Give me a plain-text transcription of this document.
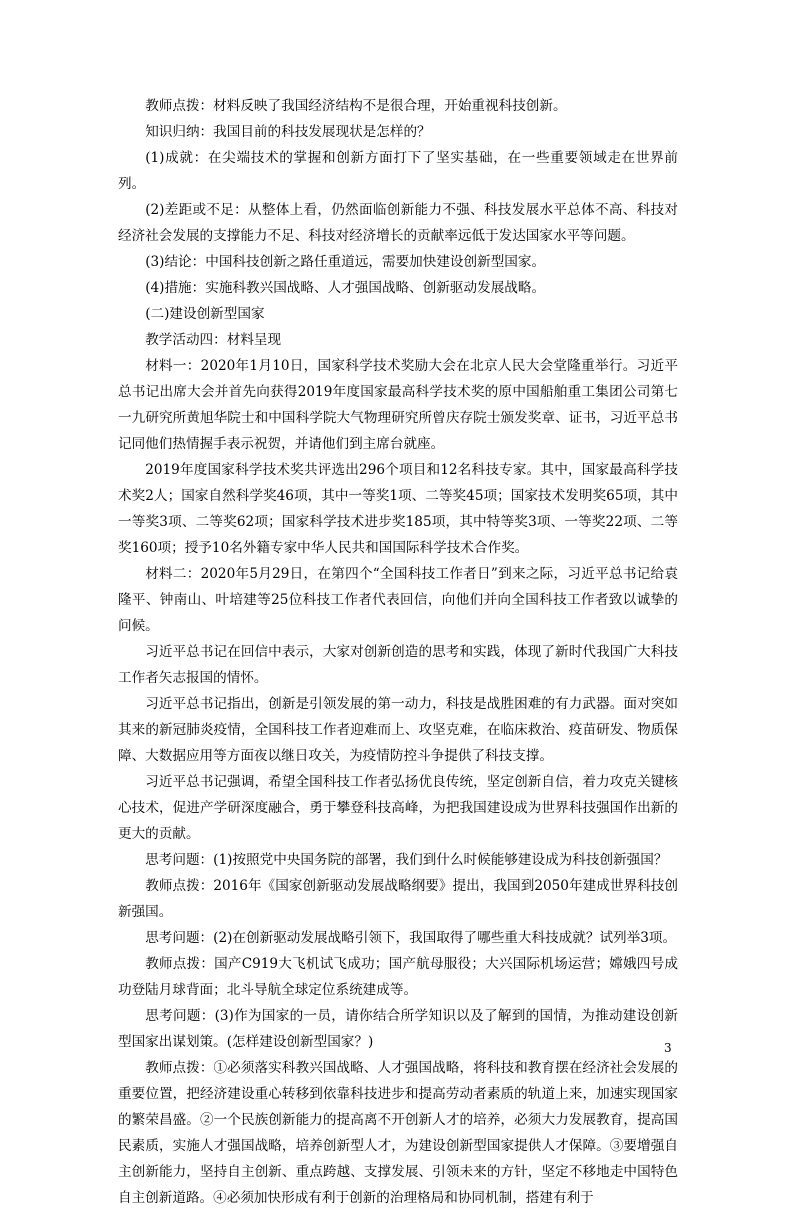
教师点拨：材料反映了我国经济结构不是很合理，开始重视科技创新。

知识归纳：我国目前的科技发展现状是怎样的？

(1)成就：在尖端技术的掌握和创新方面打下了坚实基础，在一些重要领域走在世界前列。

(2)差距或不足：从整体上看，仍然面临创新能力不强、科技发展水平总体不高、科技对经济社会发展的支撑能力不足、科技对经济增长的贡献率远低于发达国家水平等问题。

(3)结论：中国科技创新之路任重道远，需要加快建设创新型国家。

(4)措施：实施科教兴国战略、人才强国战略、创新驱动发展战略。

(二)建设创新型国家

教学活动四：材料呈现

材料一：2020年1月10日，国家科学技术奖励大会在北京人民大会堂隆重举行。习近平总书记出席大会并首先向获得2019年度国家最高科学技术奖的原中国船舶重工集团公司第七一九研究所黄旭华院士和中国科学院大气物理研究所曾庆存院士颁发奖章、证书，习近平总书记同他们热情握手表示祝贺，并请他们到主席台就座。

2019年度国家科学技术奖共评选出296个项目和12名科技专家。其中，国家最高科学技术奖2人；国家自然科学奖46项，其中一等奖1项、二等奖45项；国家技术发明奖65项，其中一等奖3项、二等奖62项；国家科学技术进步奖185项，其中特等奖3项、一等奖22项、二等奖160项；授予10名外籍专家中华人民共和国国际科学技术合作奖。

材料二：2020年5月29日，在第四个“全国科技工作者日”到来之际，习近平总书记给袁隆平、钟南山、叶培建等25位科技工作者代表回信，向他们并向全国科技工作者致以诚挚的问候。

习近平总书记在回信中表示，大家对创新创造的思考和实践，体现了新时代我国广大科技工作者矢志报国的情怀。

习近平总书记指出，创新是引领发展的第一动力，科技是战胜困难的有力武器。面对突如其来的新冠肺炎疫情，全国科技工作者迎难而上、攻坚克难，在临床救治、疫苗研发、物质保障、大数据应用等方面夜以继日攻关，为疫情防控斗争提供了科技支撑。

习近平总书记强调，希望全国科技工作者弘扬优良传统，坚定创新自信，着力攻克关键核心技术，促进产学研深度融合，勇于攀登科技高峰，为把我国建设成为世界科技强国作出新的更大的贡献。

思考问题：(1)按照党中央国务院的部署，我们到什么时候能够建设成为科技创新强国？

教师点拨：2016年《国家创新驱动发展战略纲要》提出，我国到2050年建成世界科技创新强国。

思考问题：(2)在创新驱动发展战略引领下，我国取得了哪些重大科技成就？试列举3项。

教师点拨：国产C919大飞机试飞成功；国产航母服役；大兴国际机场运营；嫦娥四号成功登陆月球背面；北斗导航全球定位系统建成等。

思考问题：(3)作为国家的一员，请你结合所学知识以及了解到的国情，为推动建设创新型国家出谋划策。(怎样建设创新型国家？)

教师点拨：①必须落实科教兴国战略、人才强国战略，将科技和教育摆在经济社会发展的重要位置，把经济建设重心转移到依靠科技进步和提高劳动者素质的轨道上来，加速实现国家的繁荣昌盛。②一个民族创新能力的提高离不开创新人才的培养，必须大力发展教育，提高国民素质，实施人才强国战略，培养创新型人才，为建设创新型国家提供人才保障。③要增强自主创新能力，坚持自主创新、重点跨越、支撑发展、引领未来的方针，坚定不移地走中国特色自主创新道路。④必须加快形成有利于创新的治理格局和协同机制，搭建有利于

3
